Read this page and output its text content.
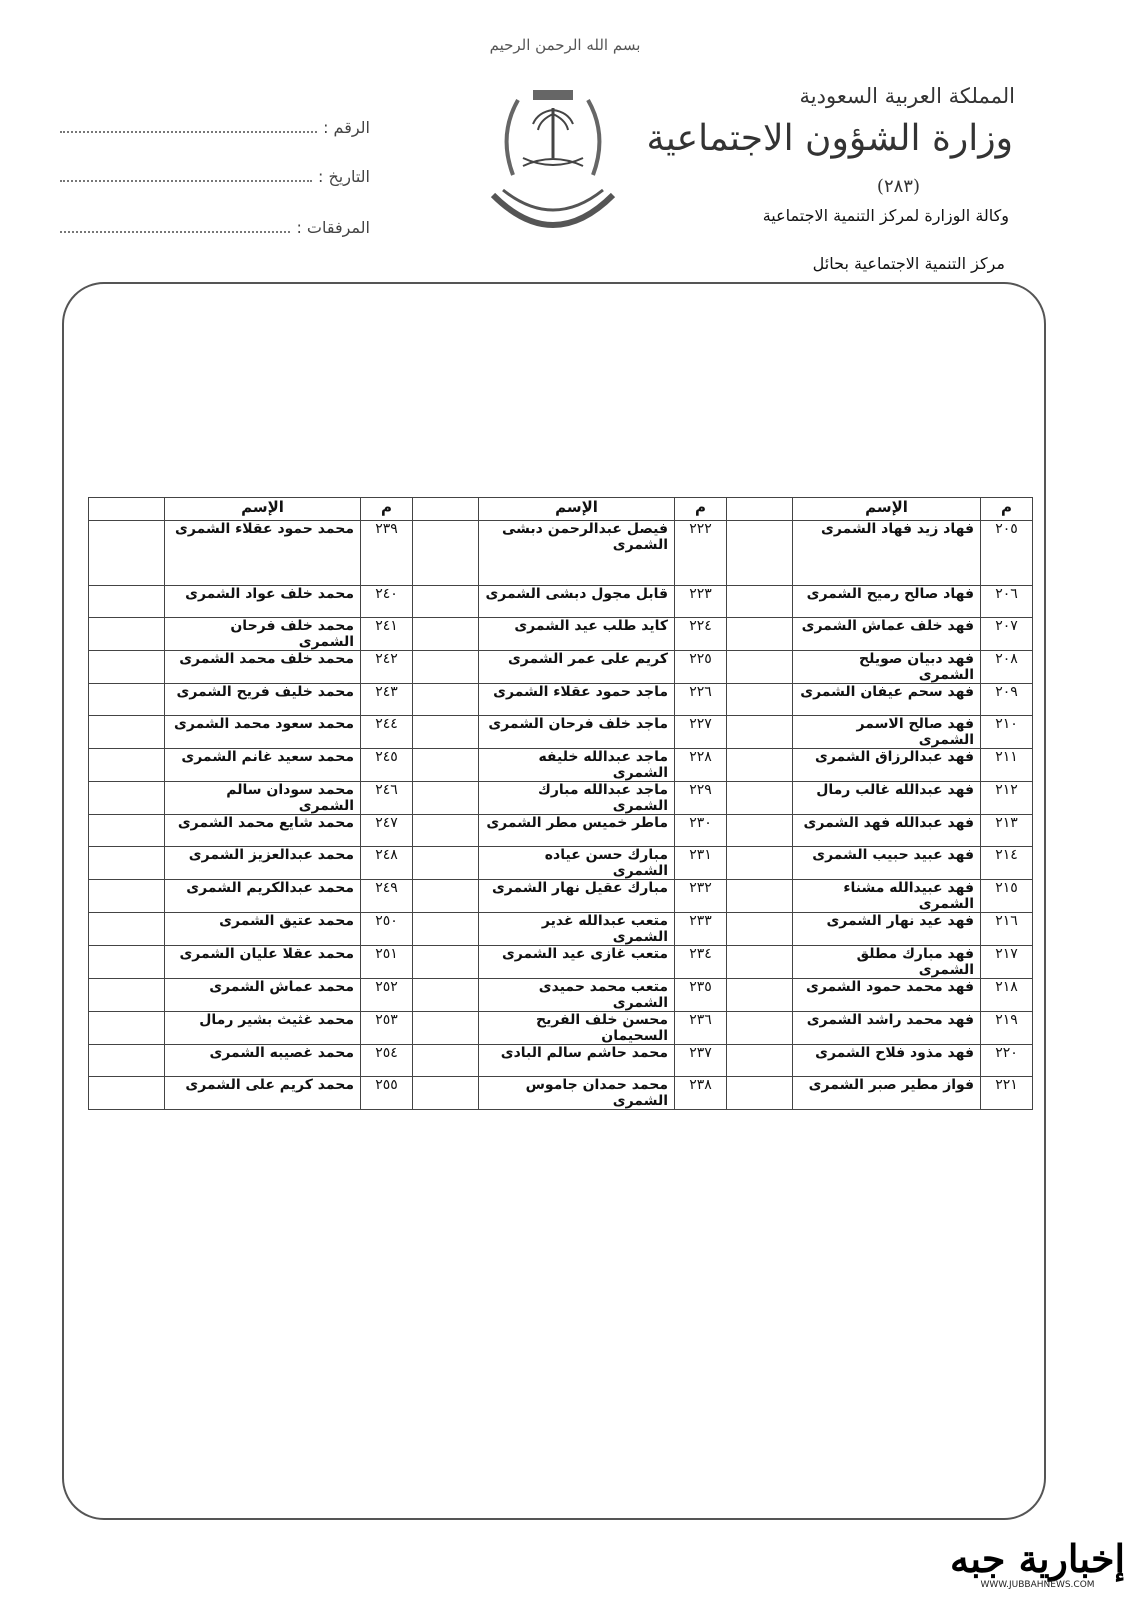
بسم الله الرحمن الرحيم
المملكة العربية السعودية
وزارة الشؤون الاجتماعية
(٢٨٣)
وكالة الوزارة لمركز التنمية الاجتماعية
مركز التنمية الاجتماعية بحائل
الرقم :
التاريخ :
المرفقات :
م	الإسم		م	الإسم		م	الإسم	
٢٠٥	فهاد زيد فهاد الشمرى		٢٢٢	فيصل عبدالرحمن دبشى الشمرى		٢٣٩	محمد حمود عقلاء الشمرى	
٢٠٦	فهاد صالح رميح الشمرى		٢٢٣	قابل مجول دبشى الشمرى		٢٤٠	محمد خلف عواد الشمرى	
٢٠٧	فهد خلف عماش الشمرى		٢٢٤	كايد طلب عيد الشمرى		٢٤١	محمد خلف فرحان الشمرى	
٢٠٨	فهد دبيان صويلح الشمرى		٢٢٥	كريم على عمر الشمرى		٢٤٢	محمد خلف محمد الشمرى	
٢٠٩	فهد سحم عيفان الشمرى		٢٢٦	ماجد حمود عقلاء الشمرى		٢٤٣	محمد خليف فريح الشمرى	
٢١٠	فهد صالح الاسمر الشمرى		٢٢٧	ماجد خلف فرحان الشمرى		٢٤٤	محمد سعود محمد الشمرى	
٢١١	فهد عبدالرزاق الشمرى		٢٢٨	ماجد عبدالله خليفه الشمرى		٢٤٥	محمد سعيد غانم الشمرى	
٢١٢	فهد عبدالله غالب رمال		٢٢٩	ماجد عبدالله مبارك الشمرى		٢٤٦	محمد سودان سالم الشمرى	
٢١٣	فهد عبدالله فهد الشمرى		٢٣٠	ماطر خميس مطر الشمرى		٢٤٧	محمد شايع محمد الشمرى	
٢١٤	فهد عبيد حبيب الشمرى		٢٣١	مبارك حسن عياده الشمرى		٢٤٨	محمد عبدالعزيز الشمرى	
٢١٥	فهد عبيدالله مشناء الشمرى		٢٣٢	مبارك عقيل نهار الشمرى		٢٤٩	محمد عبدالكريم الشمرى	
٢١٦	فهد عيد نهار الشمرى		٢٣٣	متعب عبدالله غدير الشمرى		٢٥٠	محمد عتيق الشمرى	
٢١٧	فهد مبارك مطلق الشمرى		٢٣٤	متعب غازى عيد الشمرى		٢٥١	محمد عقلا عليان الشمرى	
٢١٨	فهد محمد حمود الشمرى		٢٣٥	متعب محمد حميدى الشمرى		٢٥٢	محمد عماش الشمرى	
٢١٩	فهد محمد راشد الشمرى		٢٣٦	محسن خلف الفريح السحيمان		٢٥٣	محمد غثيث بشير رمال	
٢٢٠	فهد مذود فلاح الشمرى		٢٣٧	محمد حاشم سالم البادى		٢٥٤	محمد غصيبه الشمرى	
٢٢١	فواز مطير صبر الشمرى		٢٣٨	محمد حمدان جاموس الشمرى		٢٥٥	محمد كريم على الشمرى	
إخبارية جبه
WWW.JUBBAHNEWS.COM
